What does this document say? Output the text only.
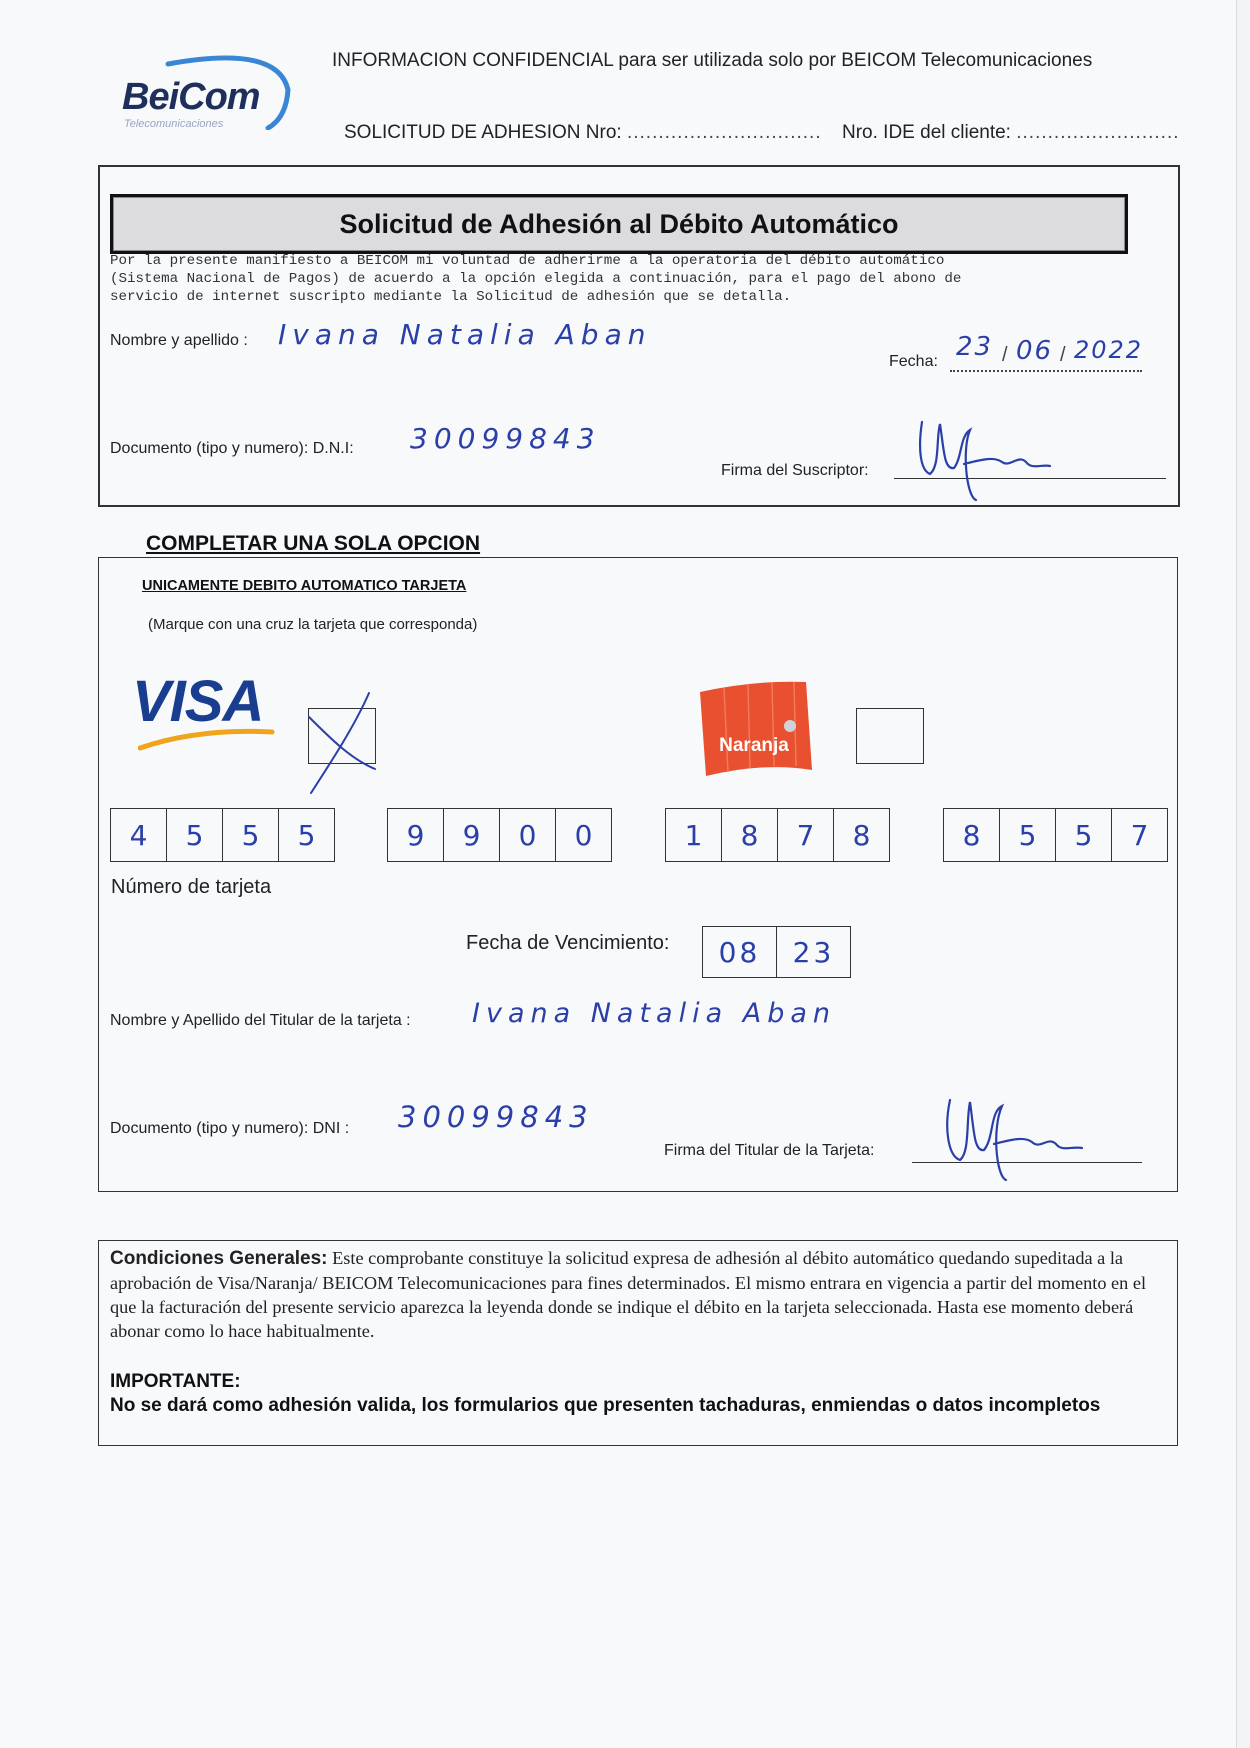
BeiCom
Telecomunicaciones
INFORMACION CONFIDENCIAL para ser utilizada solo por BEICOM Telecomunicaciones
SOLICITUD DE ADHESION Nro: ............................... Nro. IDE del cliente: ..........................
Solicitud de Adhesión al Débito Automático
Por la presente manifiesto a BEICOM mi voluntad de adherirme a la operatoria del débito automático
(Sistema Nacional de Pagos) de acuerdo a la opción elegida a continuación, para el pago del abono de
servicio de internet suscripto mediante la Solicitud de adhesión que se detalla.
Nombre y apellido : Ivana Natalia Aban
Fecha: 23 / 06 / 2022
Documento (tipo y numero): D.N.I: 30099843
Firma del Suscriptor:
COMPLETAR UNA SOLA OPCION
UNICAMENTE DEBITO AUTOMATICO TARJETA
(Marque con una cruz la tarjeta que corresponda)
VISA
Naranja
4	5	5	5	9	9	0	0	1	8	7	8	8	5	5	7
Número de tarjeta
Fecha de Vencimiento:	08	23
Nombre y Apellido del Titular de la tarjeta : Ivana Natalia Aban
Documento (tipo y numero): DNI : 30099843
Firma del Titular de la Tarjeta:
Condiciones Generales: Este comprobante constituye la solicitud expresa de adhesión al débito automático quedando supeditada a la aprobación de Visa/Naranja/ BEICOM Telecomunicaciones para fines determinados. El mismo entrara en vigencia a partir del momento en el que la facturación del presente servicio aparezca la leyenda donde se indique el débito en la tarjeta seleccionada. Hasta ese momento deberá abonar como lo hace habitualmente.
IMPORTANTE:
No se dará como adhesión valida, los formularios que presenten tachaduras, enmiendas o datos incompletos
